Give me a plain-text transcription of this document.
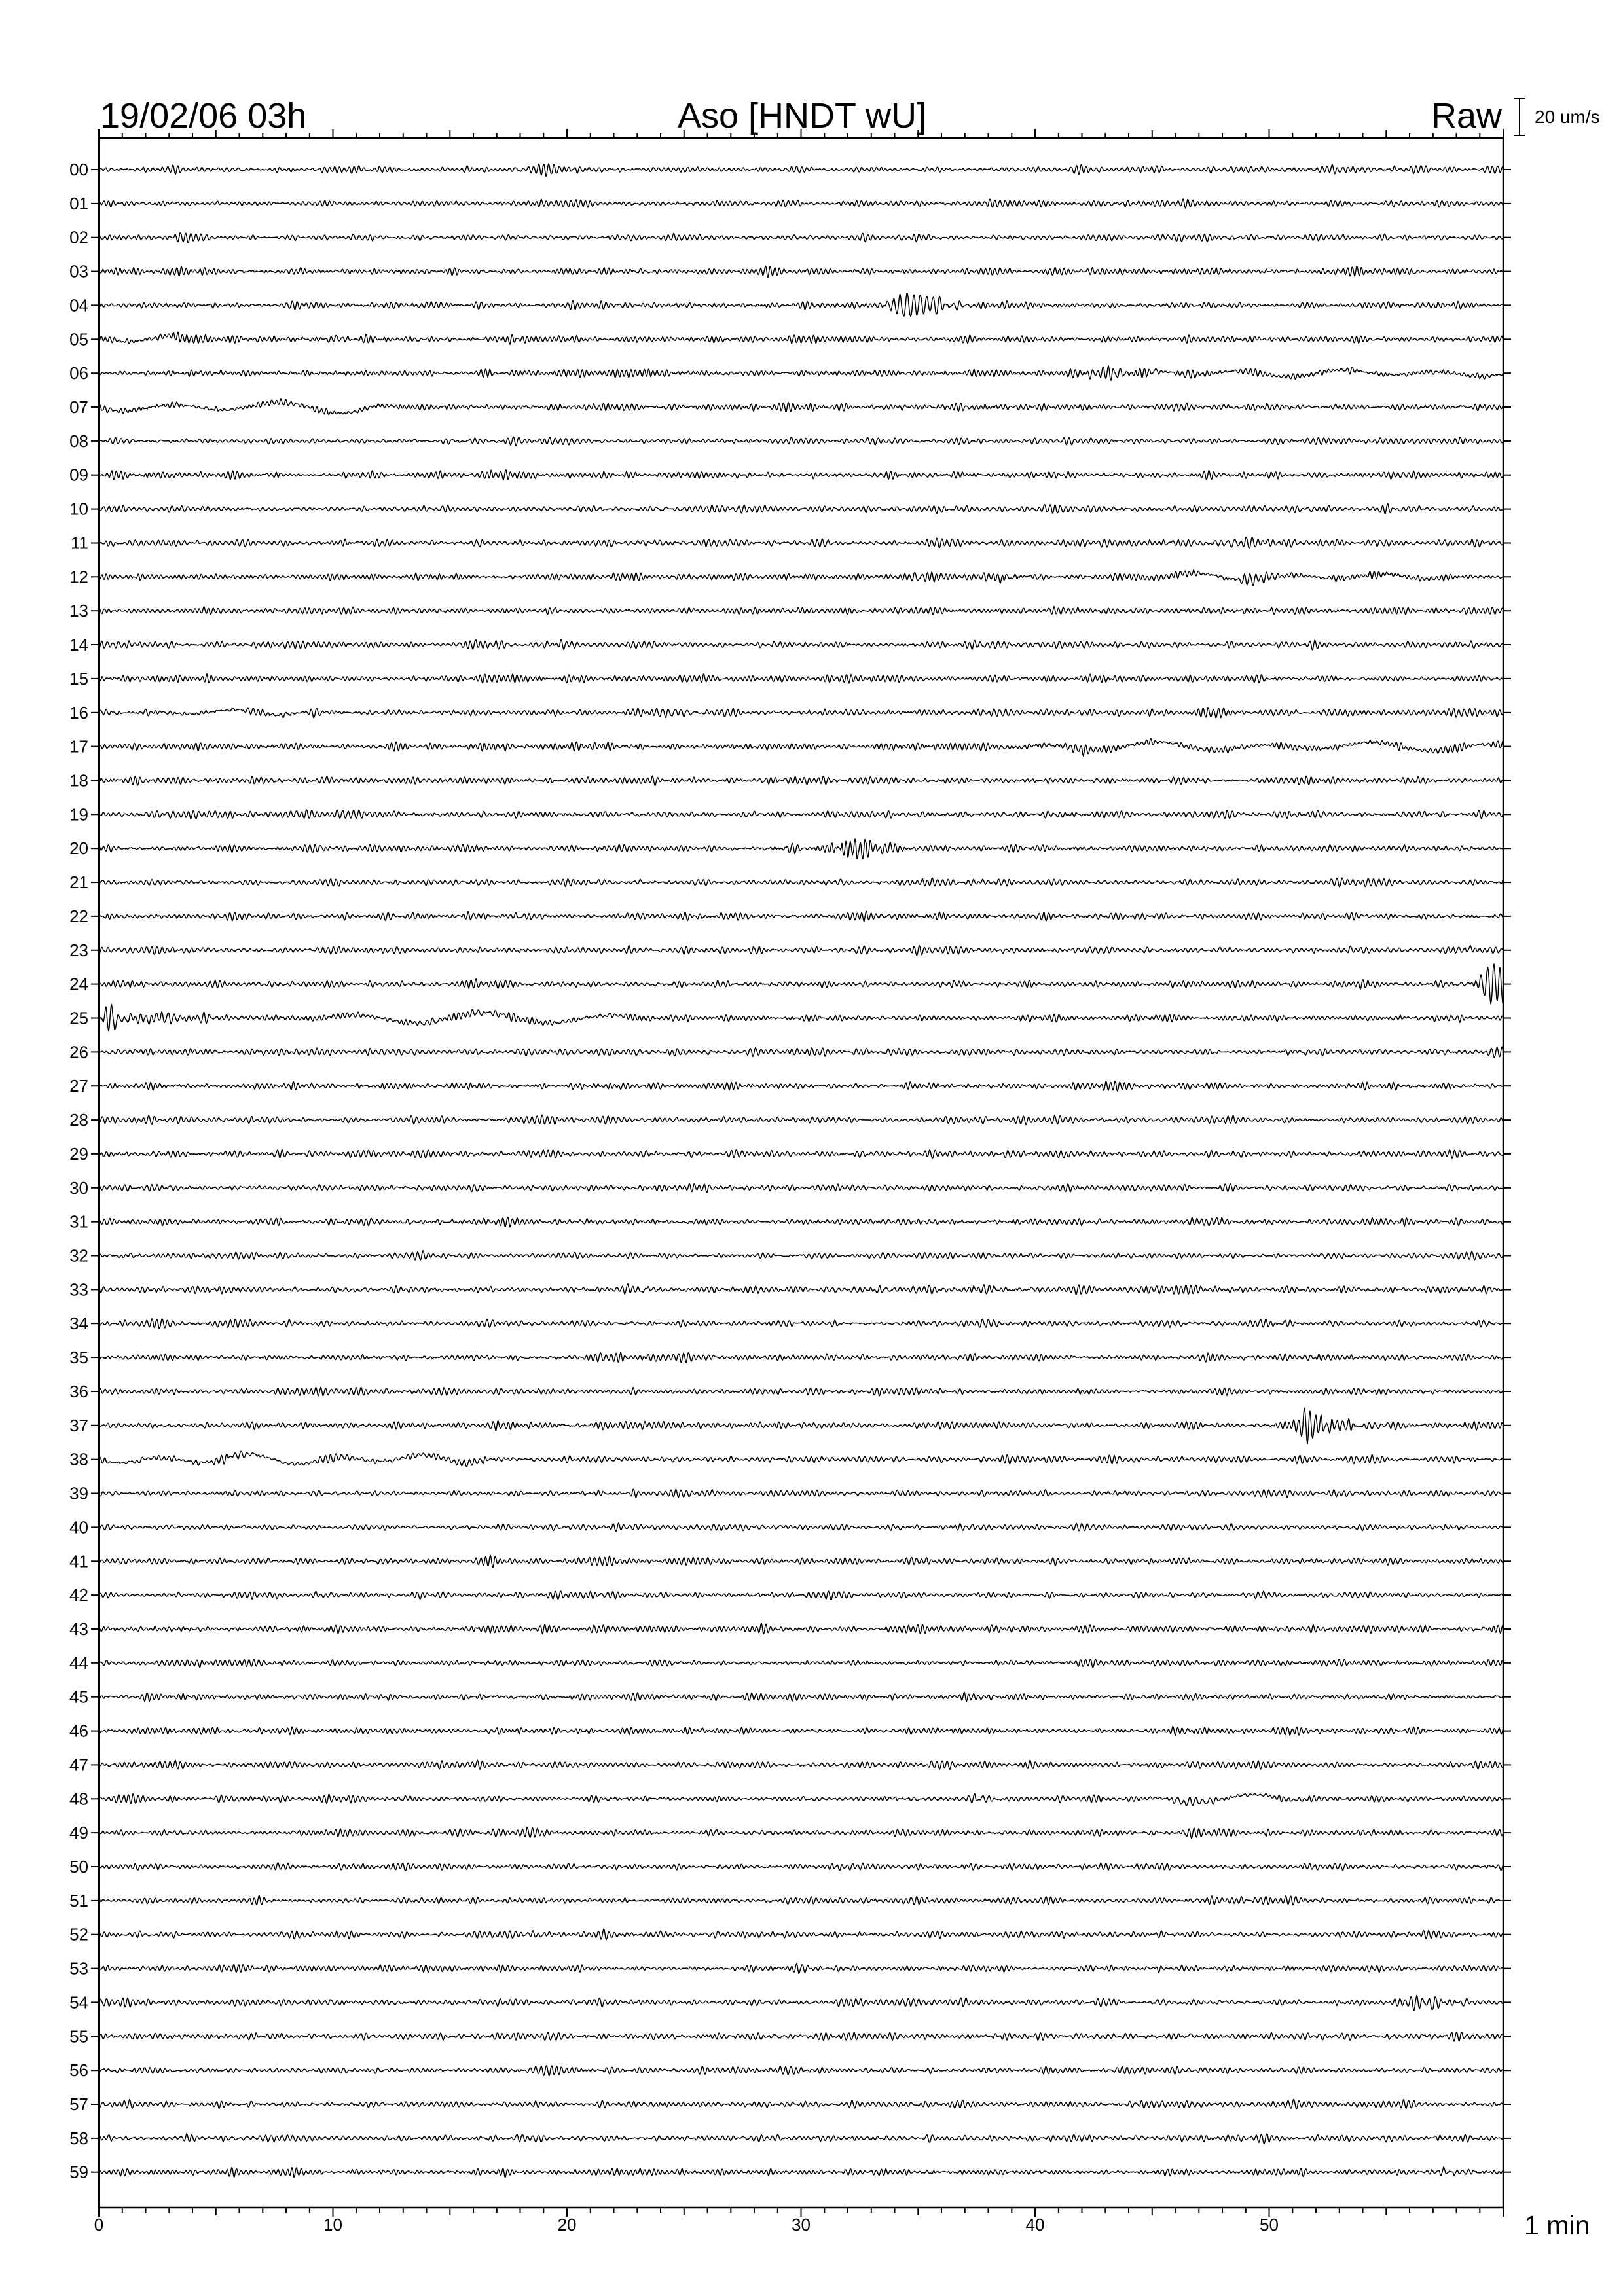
19/02/06 03h	Aso [HNDT wU]	Raw 20 um/s
0	10	20	30	40	50
00
01
02
03
04
05
06
07
08
09
10
11
12
13
14
15
16
17
18
19
20
21
22
23
24
25
26
27
28
29
30
31
32
33
34
35
36
37
38
39
40
41
42
43
44
45
46
47
48
49
50
51
52
53
54
55
56
57
58
59
1 min
